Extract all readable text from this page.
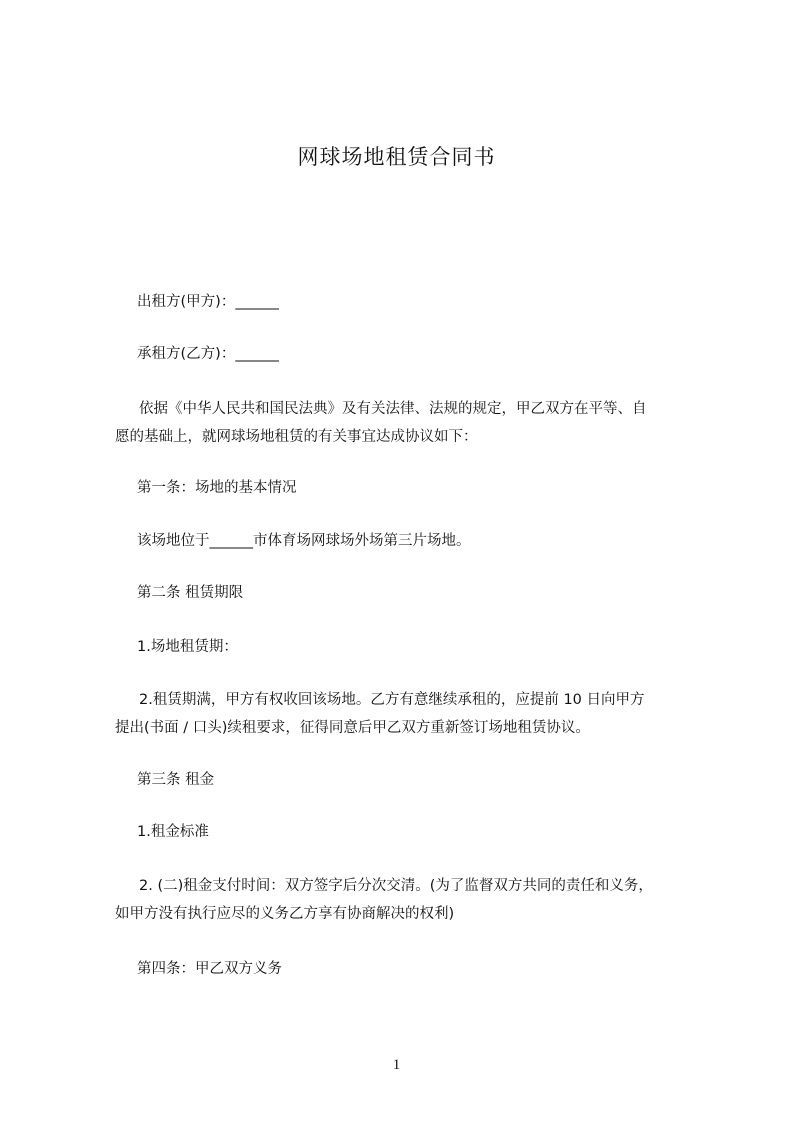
网球场地租赁合同书
出租方(甲方)：______
承租方(乙方)：______
依据《中华人民共和国民法典》及有关法律、法规的规定，甲乙双方在平等、自
愿的基础上，就网球场地租赁的有关事宜达成协议如下：
第一条：场地的基本情况
该场地位于______市体育场网球场外场第三片场地。
第二条 租赁期限
1.场地租赁期：
2.租赁期满，甲方有权收回该场地。乙方有意继续承租的，应提前 10 日向甲方
提出(书面 / 口头)续租要求，征得同意后甲乙双方重新签订场地租赁协议。
第三条 租金
1.租金标准
2. (二)租金支付时间：双方签字后分次交清。(为了监督双方共同的责任和义务，
如甲方没有执行应尽的义务乙方享有协商解决的权利)
第四条：甲乙双方义务
1
